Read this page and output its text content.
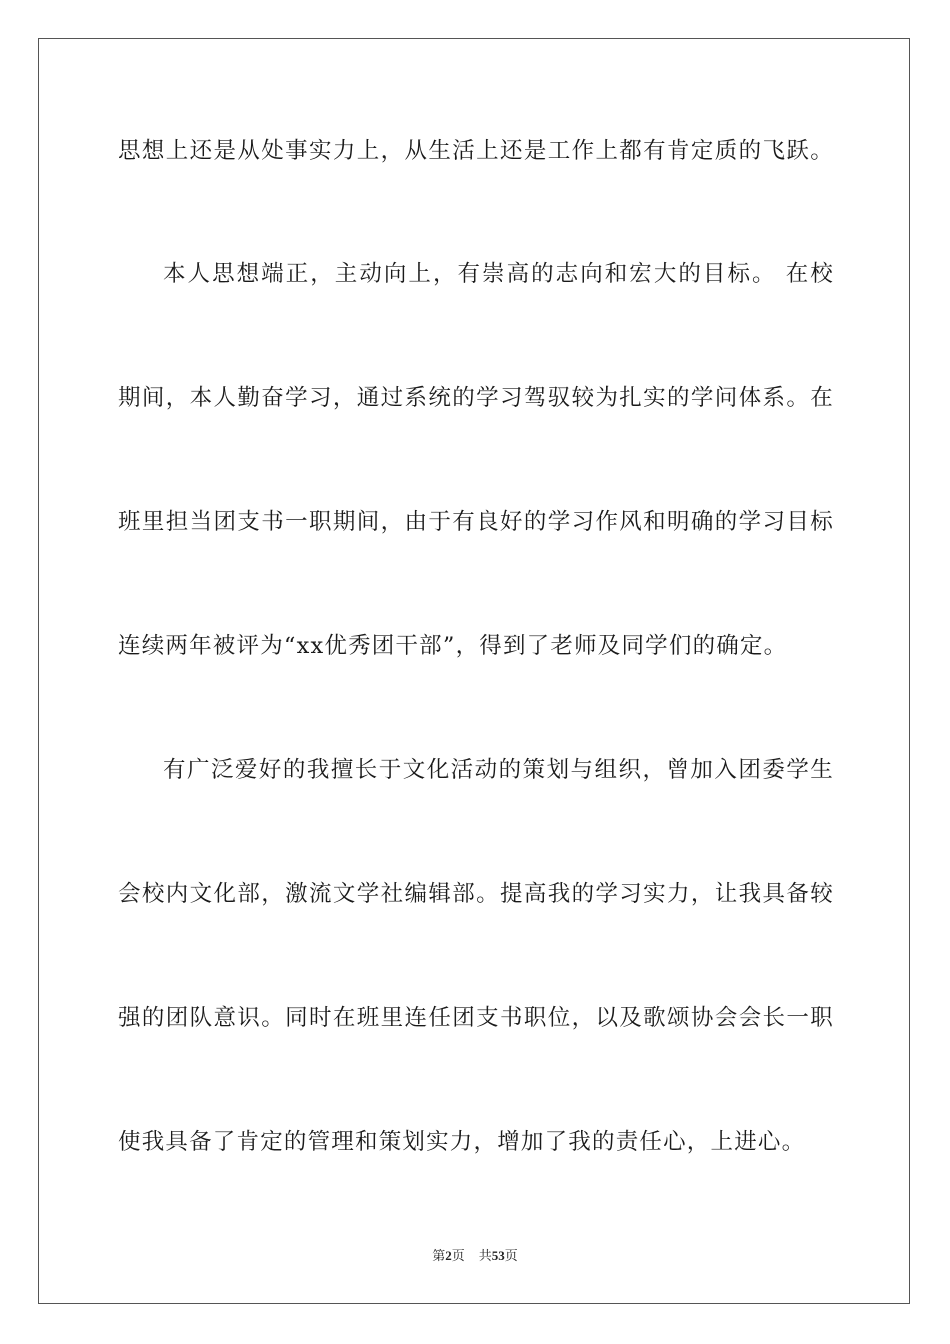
思想上还是从处事实力上，从生活上还是工作上都有肯定质的飞跃。
本人思想端正，主动向上，有崇高的志向和宏大的目标。 在校
期间，本人勤奋学习，通过系统的学习驾驭较为扎实的学问体系。在
班里担当团支书一职期间，由于有良好的学习作风和明确的学习目标
连续两年被评为“xx优秀团干部”，得到了老师及同学们的确定。
有广泛爱好的我擅长于文化活动的策划与组织，曾加入团委学生
会校内文化部，激流文学社编辑部。提高我的学习实力，让我具备较
强的团队意识。同时在班里连任团支书职位，以及歌颂协会会长一职
使我具备了肯定的管理和策划实力，增加了我的责任心，上进心。
第2页 共53页
